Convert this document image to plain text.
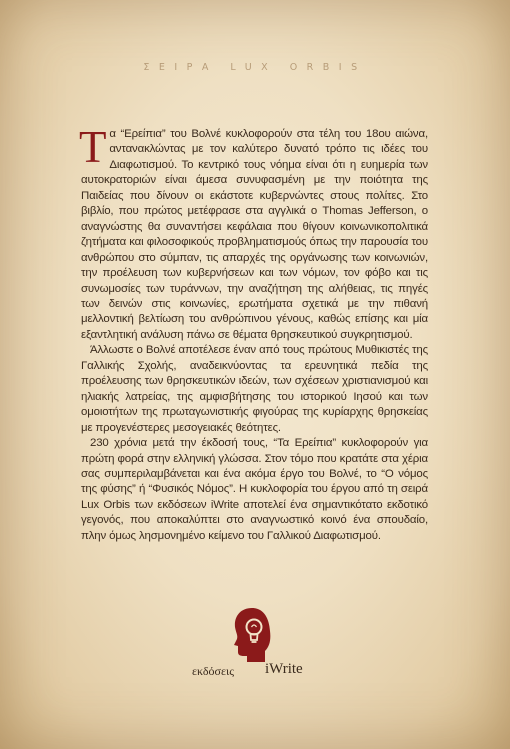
ΣΕΙΡΑ LUX ORBIS

Τα “Ερείπια” του Βολνέ κυκλοφορούν στα τέλη του 18ου αιώνα, αντανακλώντας με τον καλύτερο δυνατό τρόπο τις ιδέες του Διαφωτισμού. Το κεντρικό τους νόημα είναι ότι η ευημερία των αυτοκρατοριών είναι άμεσα συνυφασμένη με την ποιότητα της Παιδείας που δίνουν οι εκάστοτε κυβερνώντες στους πολίτες. Στο βιβλίο, που πρώτος μετέφρασε στα αγγλικά ο Thomas Jefferson, ο αναγνώστης θα συναντήσει κεφάλαια που θίγουν κοινωνικοπολιτικά ζητήματα και φιλοσοφικούς προβληματισμούς όπως την παρουσία του ανθρώπου στο σύμπαν, τις απαρχές της οργάνωσης των κοινωνιών, την προέλευση των κυβερνήσεων και των νόμων, τον φόβο και τις συνωμοσίες των τυράννων, την αναζήτηση της αλήθειας, τις πηγές των δεινών στις κοινωνίες, ερωτήματα σχετικά με την πιθανή μελλοντική βελτίωση του ανθρώπινου γένους, καθώς επίσης και μία εξαντλητική ανάλυση πάνω σε θέματα θρησκευτικού συγκρητισμού.

Άλλωστε ο Βολνέ αποτέλεσε έναν από τους πρώτους Μυθικιστές της Γαλλικής Σχολής, αναδεικνύοντας τα ερευνητικά πεδία της προέλευσης των θρησκευτικών ιδεών, των σχέσεων χριστιανισμού και ηλιακής λατρείας, της αμφισβήτησης του ιστορικού Ιησού και των ομοιοτήτων της πρωταγωνιστικής φιγούρας της κυρίαρχης θρησκείας με προγενέστερες μεσογειακές θεότητες.

230 χρόνια μετά την έκδοσή τους, “Τα Ερείπια” κυκλοφορούν για πρώτη φορά στην ελληνική γλώσσα. Στον τόμο που κρατάτε στα χέρια σας συμπεριλαμβάνεται και ένα ακόμα έργο του Βολνέ, το “Ο νόμος της φύσης” ή “Φυσικός Νόμος”. Η κυκλοφορία του έργου από τη σειρά Lux Orbis των εκδόσεων iWrite αποτελεί ένα σημαντικότατο εκδοτικό γεγονός, που αποκαλύπτει στο αναγνωστικό κοινό ένα σπουδαίο, πλην όμως λησμονημένο κείμενο του Γαλλικού Διαφωτισμού.

εκδόσεις iWrite
